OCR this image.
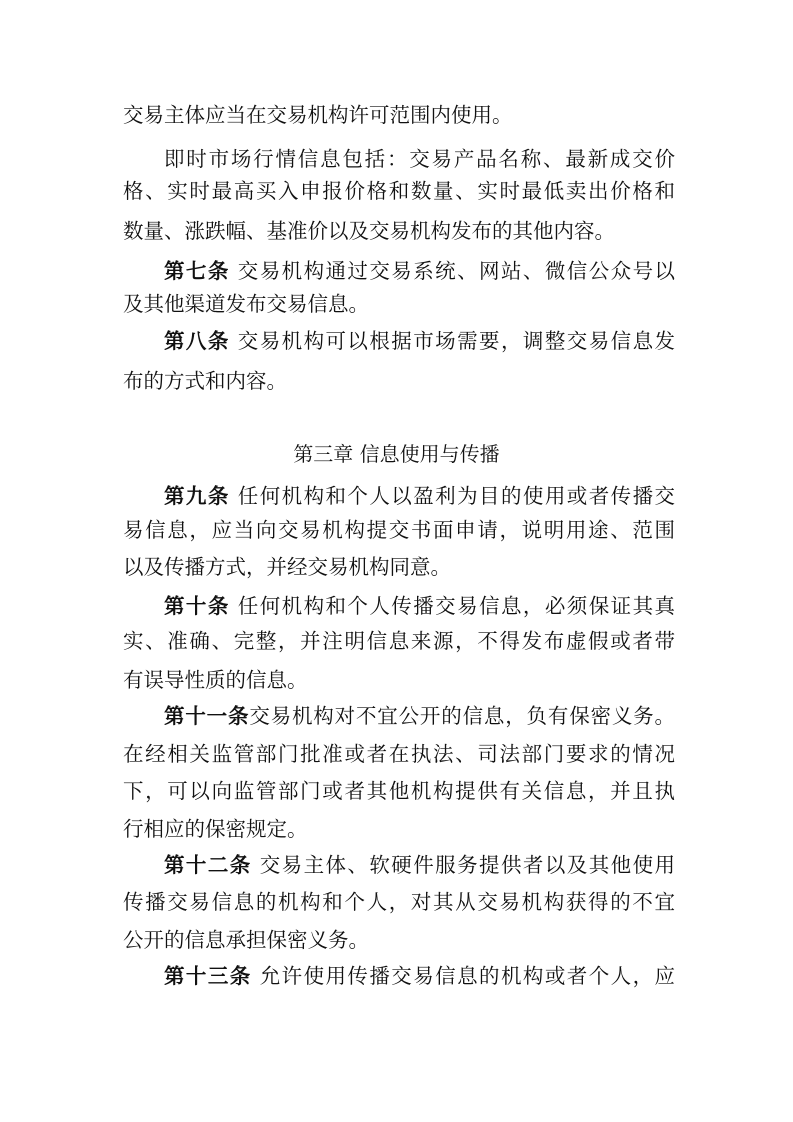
交易主体应当在交易机构许可范围内使用。
即时市场行情信息包括：交易产品名称、最新成交价
格、实时最高买入申报价格和数量、实时最低卖出价格和
数量、涨跌幅、基准价以及交易机构发布的其他内容。
第七条 交易机构通过交易系统、网站、微信公众号以
及其他渠道发布交易信息。
第八条 交易机构可以根据市场需要，调整交易信息发
布的方式和内容。
第三章 信息使用与传播
第九条 任何机构和个人以盈利为目的使用或者传播交
易信息，应当向交易机构提交书面申请，说明用途、范围
以及传播方式，并经交易机构同意。
第十条 任何机构和个人传播交易信息，必须保证其真
实、准确、完整，并注明信息来源，不得发布虚假或者带
有误导性质的信息。
第十一条交易机构对不宜公开的信息，负有保密义务。
在经相关监管部门批准或者在执法、司法部门要求的情况
下，可以向监管部门或者其他机构提供有关信息，并且执
行相应的保密规定。
第十二条 交易主体、软硬件服务提供者以及其他使用
传播交易信息的机构和个人，对其从交易机构获得的不宜
公开的信息承担保密义务。
第十三条 允许使用传播交易信息的机构或者个人，应
